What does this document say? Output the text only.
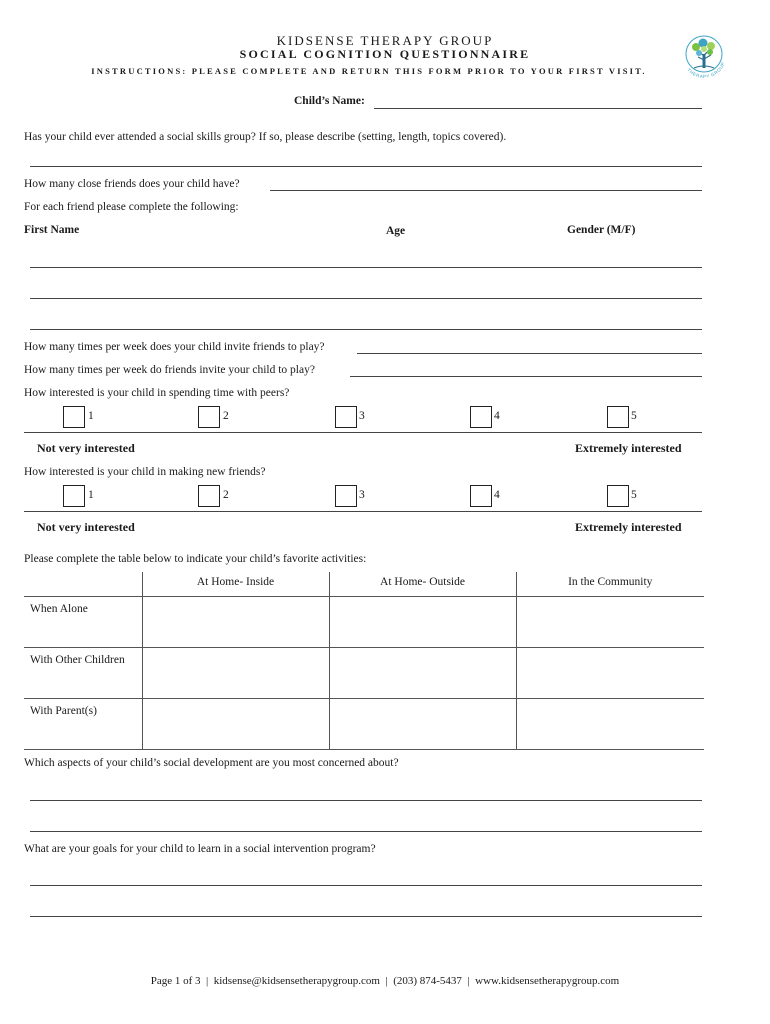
KIDSENSE THERAPY GROUP
SOCIAL COGNITION QUESTIONNAIRE
INSTRUCTIONS: PLEASE COMPLETE AND RETURN THIS FORM PRIOR TO YOUR FIRST VISIT.	THERAPY GROUP
Child’s Name:
Has your child ever attended a social skills group? If so, please describe (setting, length, topics covered).
How many close friends does your child have?
For each friend please complete the following:
First Name	Age	Gender (M/F)
How many times per week does your child invite friends to play?
How many times per week do friends invite your child to play?
How interested is your child in spending time with peers?
1	2	3	4	5
Not very interested	Extremely interested
How interested is your child in making new friends?
1	2	3	4	5
Not very interested	Extremely interested
Please complete the table below to indicate your child’s favorite activities:
	At Home- Inside	At Home- Outside	In the Community
When Alone			
With Other Children			
With Parent(s)			
Which aspects of your child’s social development are you most concerned about?
What are your goals for your child to learn in a social intervention program?
Page 1 of 3 | kidsense@kidsensetherapygroup.com | (203) 874-5437 | www.kidsensetherapygroup.com
